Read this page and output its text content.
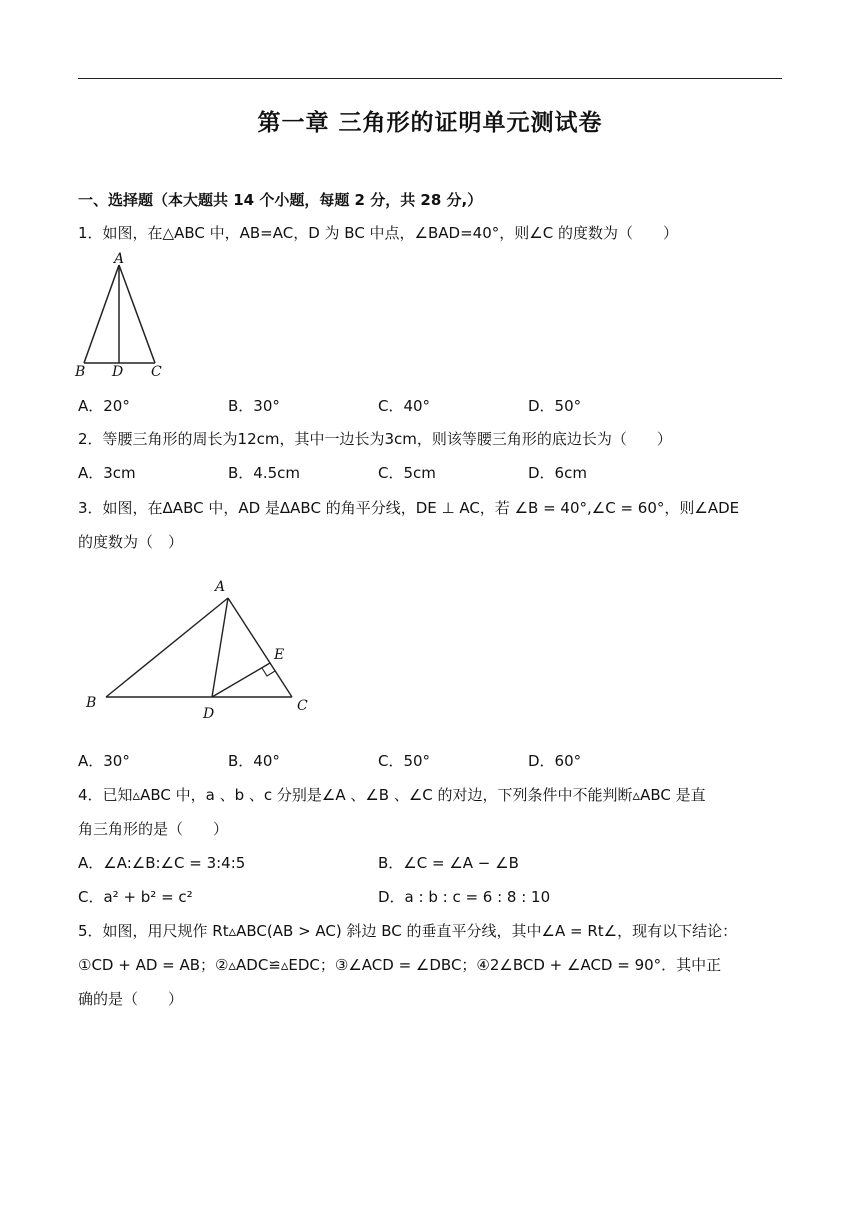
第一章 三角形的证明单元测试卷
一、选择题（本大题共 14 个小题，每题 2 分，共 28 分,）
1．如图，在△ABC 中，AB=AC，D 为 BC 中点，∠BAD=40°，则∠C 的度数为（　　）
A
B D C
A．20°	B．30°	C．40°	D．50°
2．等腰三角形的周长为12cm，其中一边长为3cm，则该等腰三角形的底边长为（　　）
A．3cm	B．4.5cm	C．5cm	D．6cm
3．如图，在ΔABC 中，AD 是ΔABC 的角平分线，DE ⊥ AC，若 ∠B = 40°,∠C = 60°，则∠ADE
的度数为（　）
A
E
B
D	C
A．30°	B．40°	C．50°	D．60°
4．已知▵ABC 中，a 、b 、c 分别是∠A 、∠B 、∠C 的对边，下列条件中不能判断▵ABC 是直
角三角形的是（　　）
A．∠A:∠B:∠C = 3:4:5	B．∠C = ∠A − ∠B
C．a² + b² = c²	D．a : b : c = 6 : 8 : 10
5．如图，用尺规作 Rt▵ABC(AB > AC) 斜边 BC 的垂直平分线，其中∠A = Rt∠，现有以下结论：
①CD + AD = AB；②▵ADC≌▵EDC；③∠ACD = ∠DBC；④2∠BCD + ∠ACD = 90°．其中正
确的是（　　）
